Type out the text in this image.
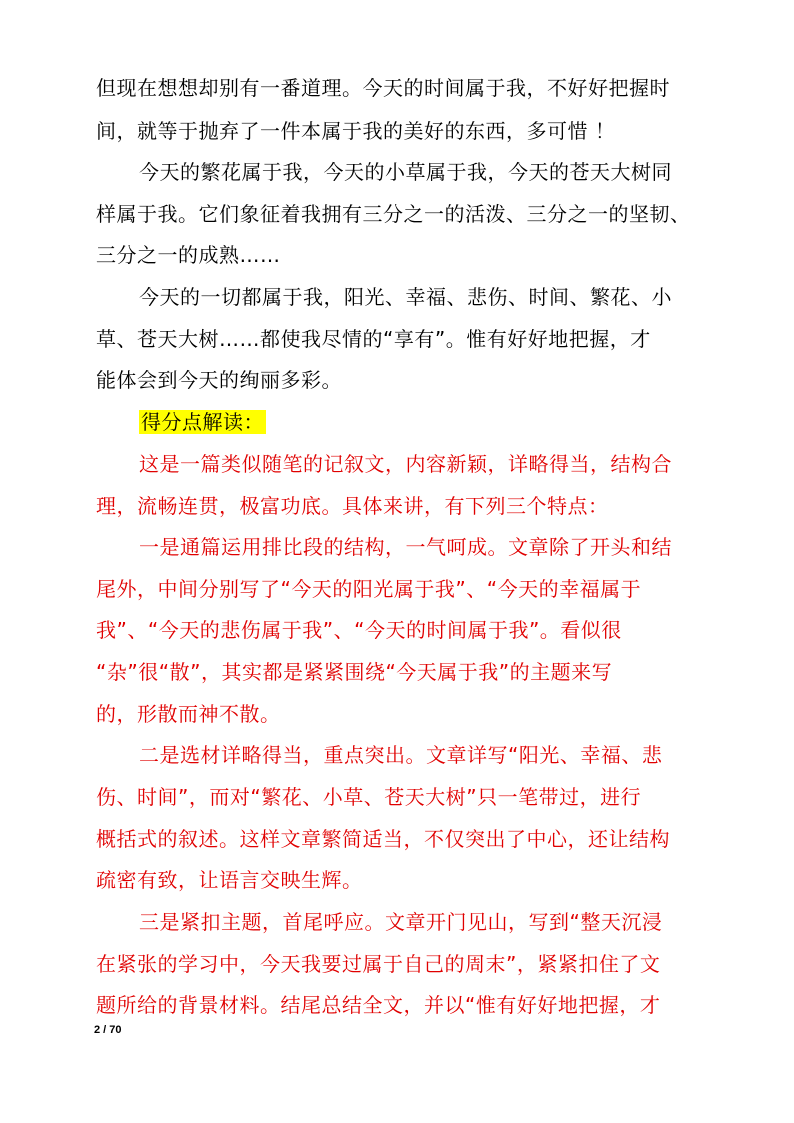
但现在想想却别有一番道理。今天的时间属于我，不好好把握时
间，就等于抛弃了一件本属于我的美好的东西，多可惜 ！
今天的繁花属于我，今天的小草属于我，今天的苍天大树同
样属于我。它们象征着我拥有三分之一的活泼、三分之一的坚韧、
三分之一的成熟……
今天的一切都属于我，阳光、幸福、悲伤、时间、繁花、小
草、苍天大树……都使我尽情的“享有”。惟有好好地把握，才
能体会到今天的绚丽多彩。
得分点解读：
这是一篇类似随笔的记叙文，内容新颖，详略得当，结构合
理，流畅连贯，极富功底。具体来讲，有下列三个特点：
一是通篇运用排比段的结构，一气呵成。文章除了开头和结
尾外，中间分别写了“今天的阳光属于我”、“今天的幸福属于
我”、“今天的悲伤属于我”、“今天的时间属于我”。看似很
“杂”很“散”，其实都是紧紧围绕“今天属于我”的主题来写
的，形散而神不散。
二是选材详略得当，重点突出。文章详写“阳光、幸福、悲
伤、时间”，而对“繁花、小草、苍天大树”只一笔带过，进行
概括式的叙述。这样文章繁简适当，不仅突出了中心，还让结构
疏密有致，让语言交映生辉。
三是紧扣主题，首尾呼应。文章开门见山，写到“整天沉浸
在紧张的学习中，今天我要过属于自己的周末”，紧紧扣住了文
题所给的背景材料。结尾总结全文，并以“惟有好好地把握，才
2 / 70
